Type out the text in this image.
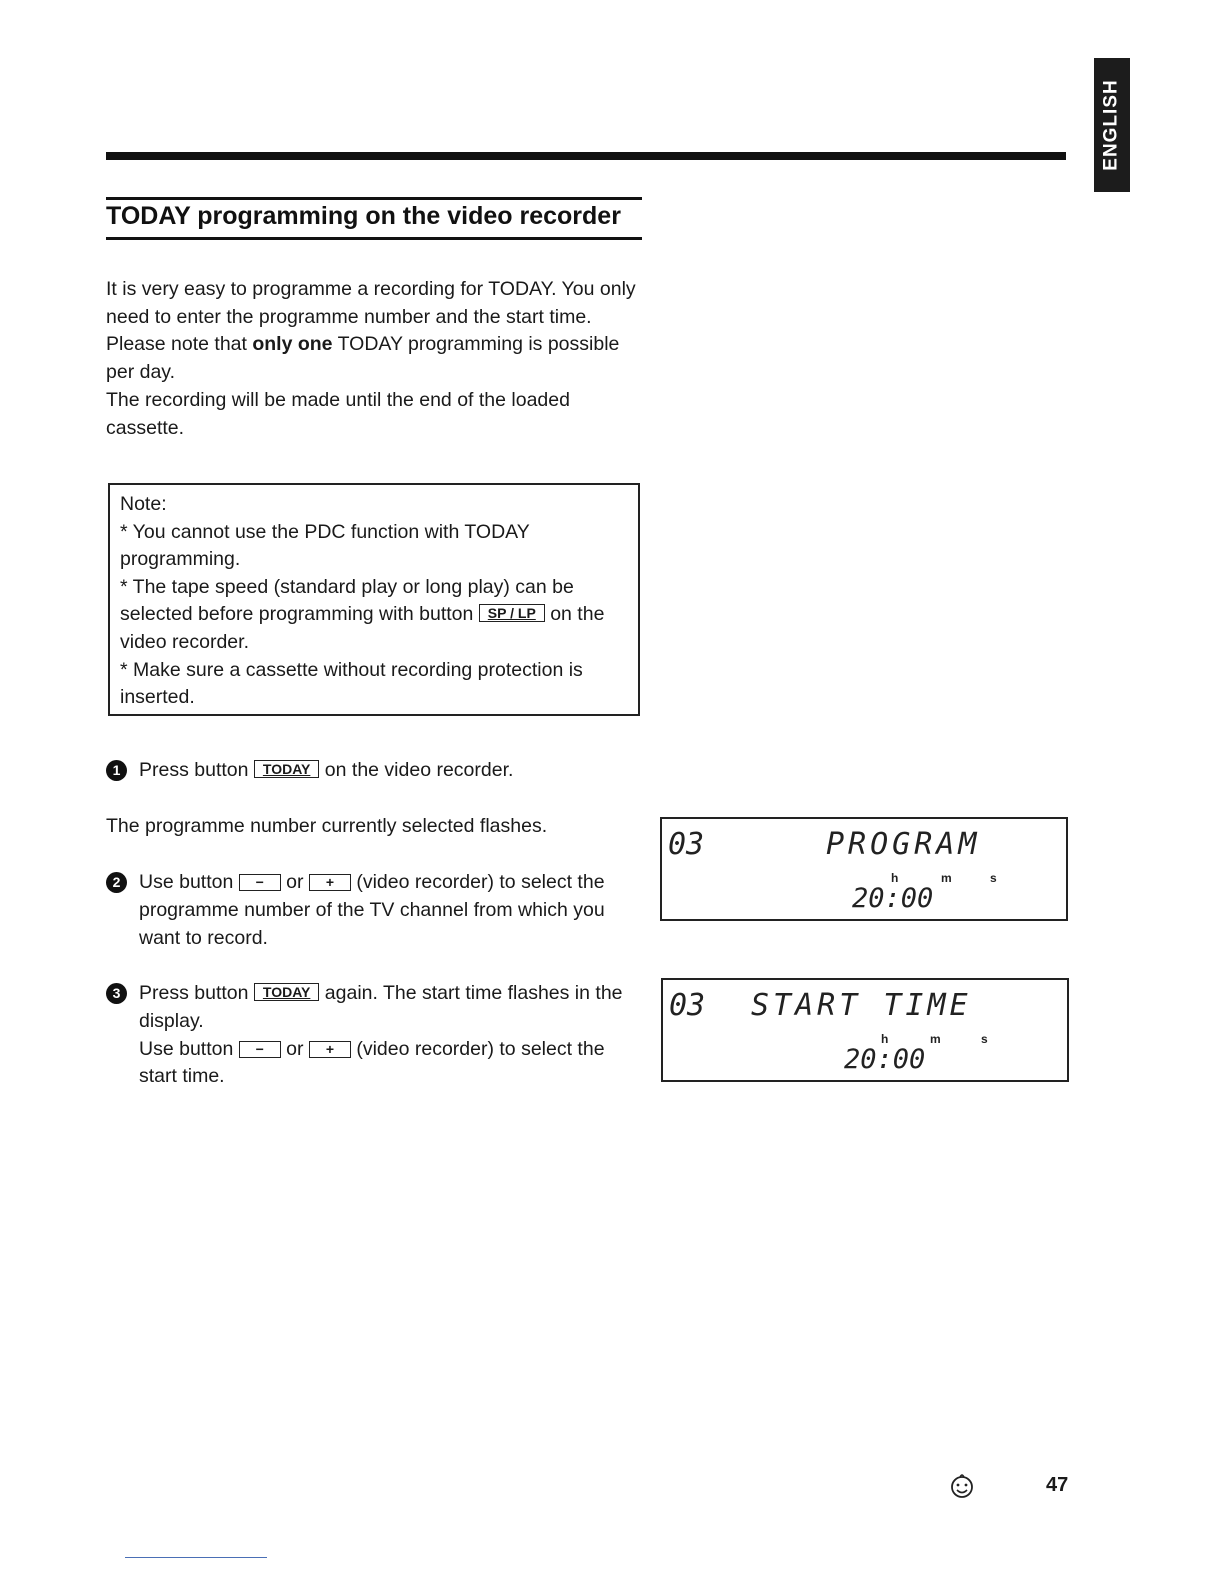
ENGLISH
TODAY programming on the video recorder

It is very easy to programme a recording for TODAY. You only need to enter the programme number and the start time.

Please note that only one TODAY programming is possible per day.

The recording will be made until the end of the loaded cassette.

Note:

* You cannot use the PDC function with TODAY programming.

* The tape speed (standard play or long play) can be selected before programming with button SP / LP on the video recorder.

* Make sure a cassette without recording protection is inserted.

1 Press button TODAY on the video recorder.
The programme number currently selected flashes.
2 Use button − or + (video recorder) to select the programme number of the TV channel from which you want to record.
3 Press button TODAY again. The start time flashes in the display.
Use button − or + (video recorder) to select the start time.
03	PROGRAM
h	m	s
20:00
03 START TIME
h	m	s
20:00
47
